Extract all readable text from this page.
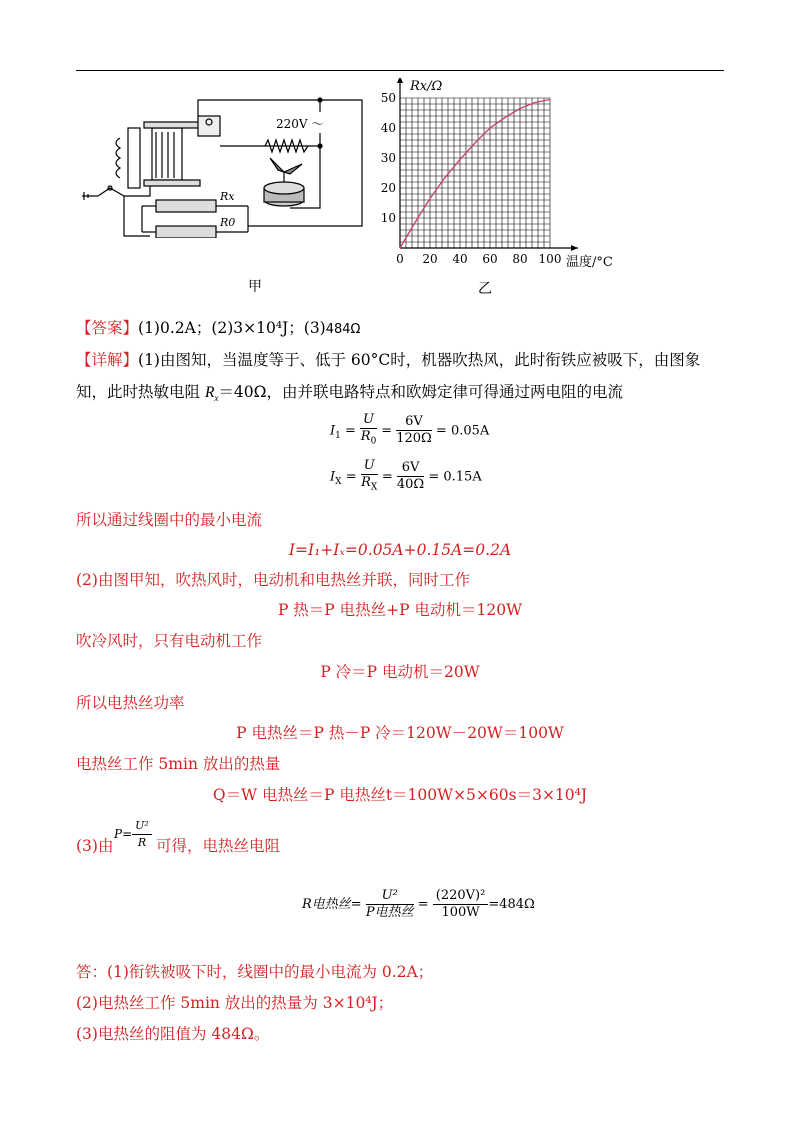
220V ～
Rx
R0
甲
0 20 40 60 80 100
10
20
30
40
50
温度/°C
Rx/Ω
乙
【答案】(1)0.2A；(2)3×10⁴J；(3)484Ω
【详解】(1)由图知，当温度等于、低于 60°C时，机器吹热风，此时衔铁应被吸下，由图象
知，此时热敏电阻 $R_x=40\Omega$，由并联电路特点和欧姆定律可得通过两电阻的电流
$I_1 = \frac{U}{R_0} = \frac{6V}{120\Omega} = 0.05A$
$I_X = \frac{U}{R_X} = \frac{6V}{40\Omega} = 0.15A$
所以通过线圈中的最小电流
I=I₁+Iₓ=0.05A+0.15A=0.2A
(2)由图甲知，吹热风时，电动机和电热丝并联，同时工作
P 热＝P 电热丝+P 电动机＝120W
吹冷风时，只有电动机工作
P 冷＝P 电动机＝20W
所以电热丝功率
P 电热丝＝P 热－P 冷＝120W－20W＝100W
电热丝工作 5min 放出的热量
Q＝W 电热丝＝P 电热丝t＝100W×5×60s＝3×10⁴J
(3)由
$P= \frac{\text{U²}}{R}$ 可得，电热丝电阻
R电热丝=
U²
P电热丝
= $\frac{\text{(220V)²}}{100W} =484\Omega$
答：(1)衔铁被吸下时，线圈中的最小电流为 0.2A；
(2)电热丝工作 5min 放出的热量为 3×10⁴J；
(3)电热丝的阻值为 484Ω。
